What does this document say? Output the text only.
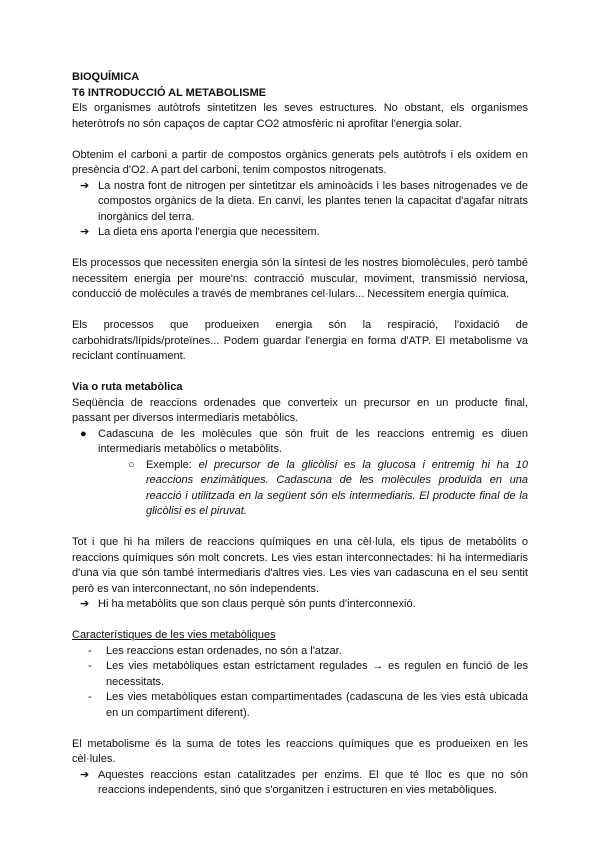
BIOQUÍMICA
T6 INTRODUCCIÓ AL METABOLISME

Els organismes autòtrofs sintetitzen les seves estructures. No obstant, els organismes heteròtrofs no són capaços de captar CO2 atmosfèric ni aprofitar l'energia solar.

Obtenim el carboni a partir de compostos orgànics generats pels autòtrofs i els oxidem en presència d'O2. A part del carboni, tenim compostos nitrogenats.

➔ La nostra font de nitrogen per sintetitzar els aminoàcids i les bases nitrogenades ve de compostos orgànics de la dieta. En canvi, les plantes tenen la capacitat d'agafar nitrats inorgànics del terra.
➔ La dieta ens aporta l'energia que necessitem.

Els processos que necessiten energia són la síntesi de les nostres biomolècules, però també necessitem energia per moure'ns: contracció muscular, moviment, transmissió nerviosa, conducció de molècules a través de membranes cel·lulars... Necessitem energia química.

Els processos que produeixen energia són la respiració, l'oxidació de carbohidrats/lípids/proteïnes... Podem guardar l'energia en forma d'ATP. El metabolisme va reciclant contínuament.

Via o ruta metabòlica

Seqüència de reaccions ordenades que converteix un precursor en un producte final, passant per diversos intermediaris metabòlics.

●	Cadascuna de les molècules que són fruit de les reaccions entremig es diuen intermediaris metabòlics o metabòlits.
○	Exemple: el precursor de la glicòlisi es la glucosa i entremig hi ha 10 reaccions enzimàtiques. Cadascuna de les molècules produïda en una reacció i utilitzada en la següent són els intermediaris. El producte final de la glicòlisi es el piruvat.

Tot i que hi ha milers de reaccions químiques en una cèl·lula, els tipus de metabòlits o reaccions químiques són molt concrets. Les vies estan interconnectades: hi ha intermediaris d'una via que són també intermediaris d'altres vies. Les vies van cadascuna en el seu sentit però es van interconnectant, no són independents.

➔ Hi ha metabòlits que son claus perquè són punts d'interconnexió.
Característiques de les vies metabòliques
-	Les reaccions estan ordenades, no són a l'atzar.
-	Les vies metabòliques estan estrictament regulades → es regulen en funció de les necessitats.
-	Les vies metabòliques estan compartimentades (cadascuna de les vies està ubicada en un compartiment diferent).

El metabolisme és la suma de totes les reaccions químiques que es produeixen en les cèl·lules.

➔ Aquestes reaccions estan catalitzades per enzims. El que té lloc es que no són reaccions independents, sinó que s'organitzen i estructuren en vies metabòliques.
